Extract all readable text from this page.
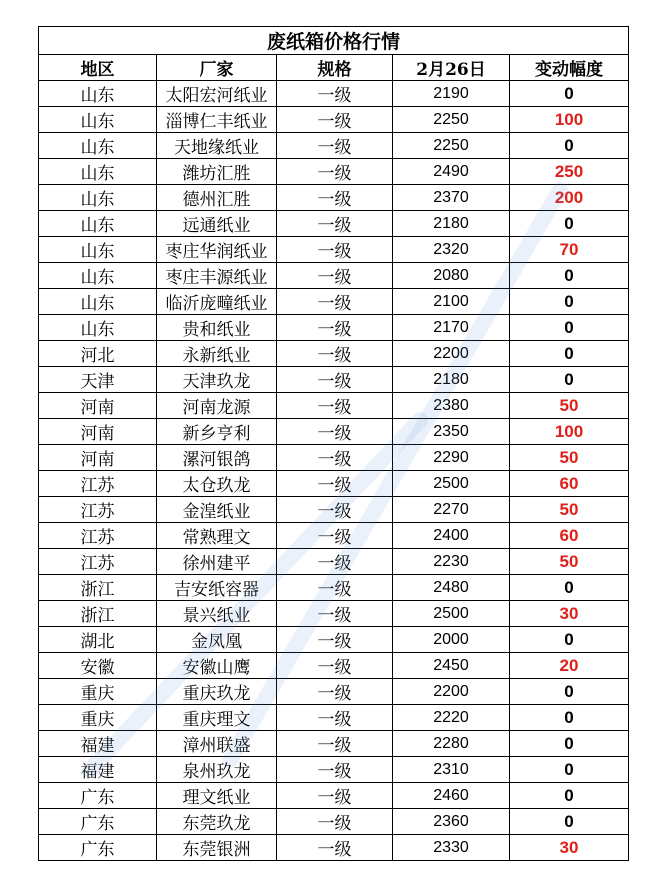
废纸箱价格行情				
地区	厂家	规格	2月26日	变动幅度
山东	太阳宏河纸业	一级	2190	0
山东	淄博仁丰纸业	一级	2250	100
山东	天地缘纸业	一级	2250	0
山东	潍坊汇胜	一级	2490	250
山东	德州汇胜	一级	2370	200
山东	远通纸业	一级	2180	0
山东	枣庄华润纸业	一级	2320	70
山东	枣庄丰源纸业	一级	2080	0
山东	临沂庞疃纸业	一级	2100	0
山东	贵和纸业	一级	2170	0
河北	永新纸业	一级	2200	0
天津	天津玖龙	一级	2180	0
河南	河南龙源	一级	2380	50
河南	新乡亨利	一级	2350	100
河南	漯河银鸽	一级	2290	50
江苏	太仓玖龙	一级	2500	60
江苏	金湟纸业	一级	2270	50
江苏	常熟理文	一级	2400	60
江苏	徐州建平	一级	2230	50
浙江	吉安纸容器	一级	2480	0
浙江	景兴纸业	一级	2500	30
湖北	金凤凰	一级	2000	0
安徽	安徽山鹰	一级	2450	20
重庆	重庆玖龙	一级	2200	0
重庆	重庆理文	一级	2220	0
福建	漳州联盛	一级	2280	0
福建	泉州玖龙	一级	2310	0
广东	理文纸业	一级	2460	0
广东	东莞玖龙	一级	2360	0
广东	东莞银洲	一级	2330	30
